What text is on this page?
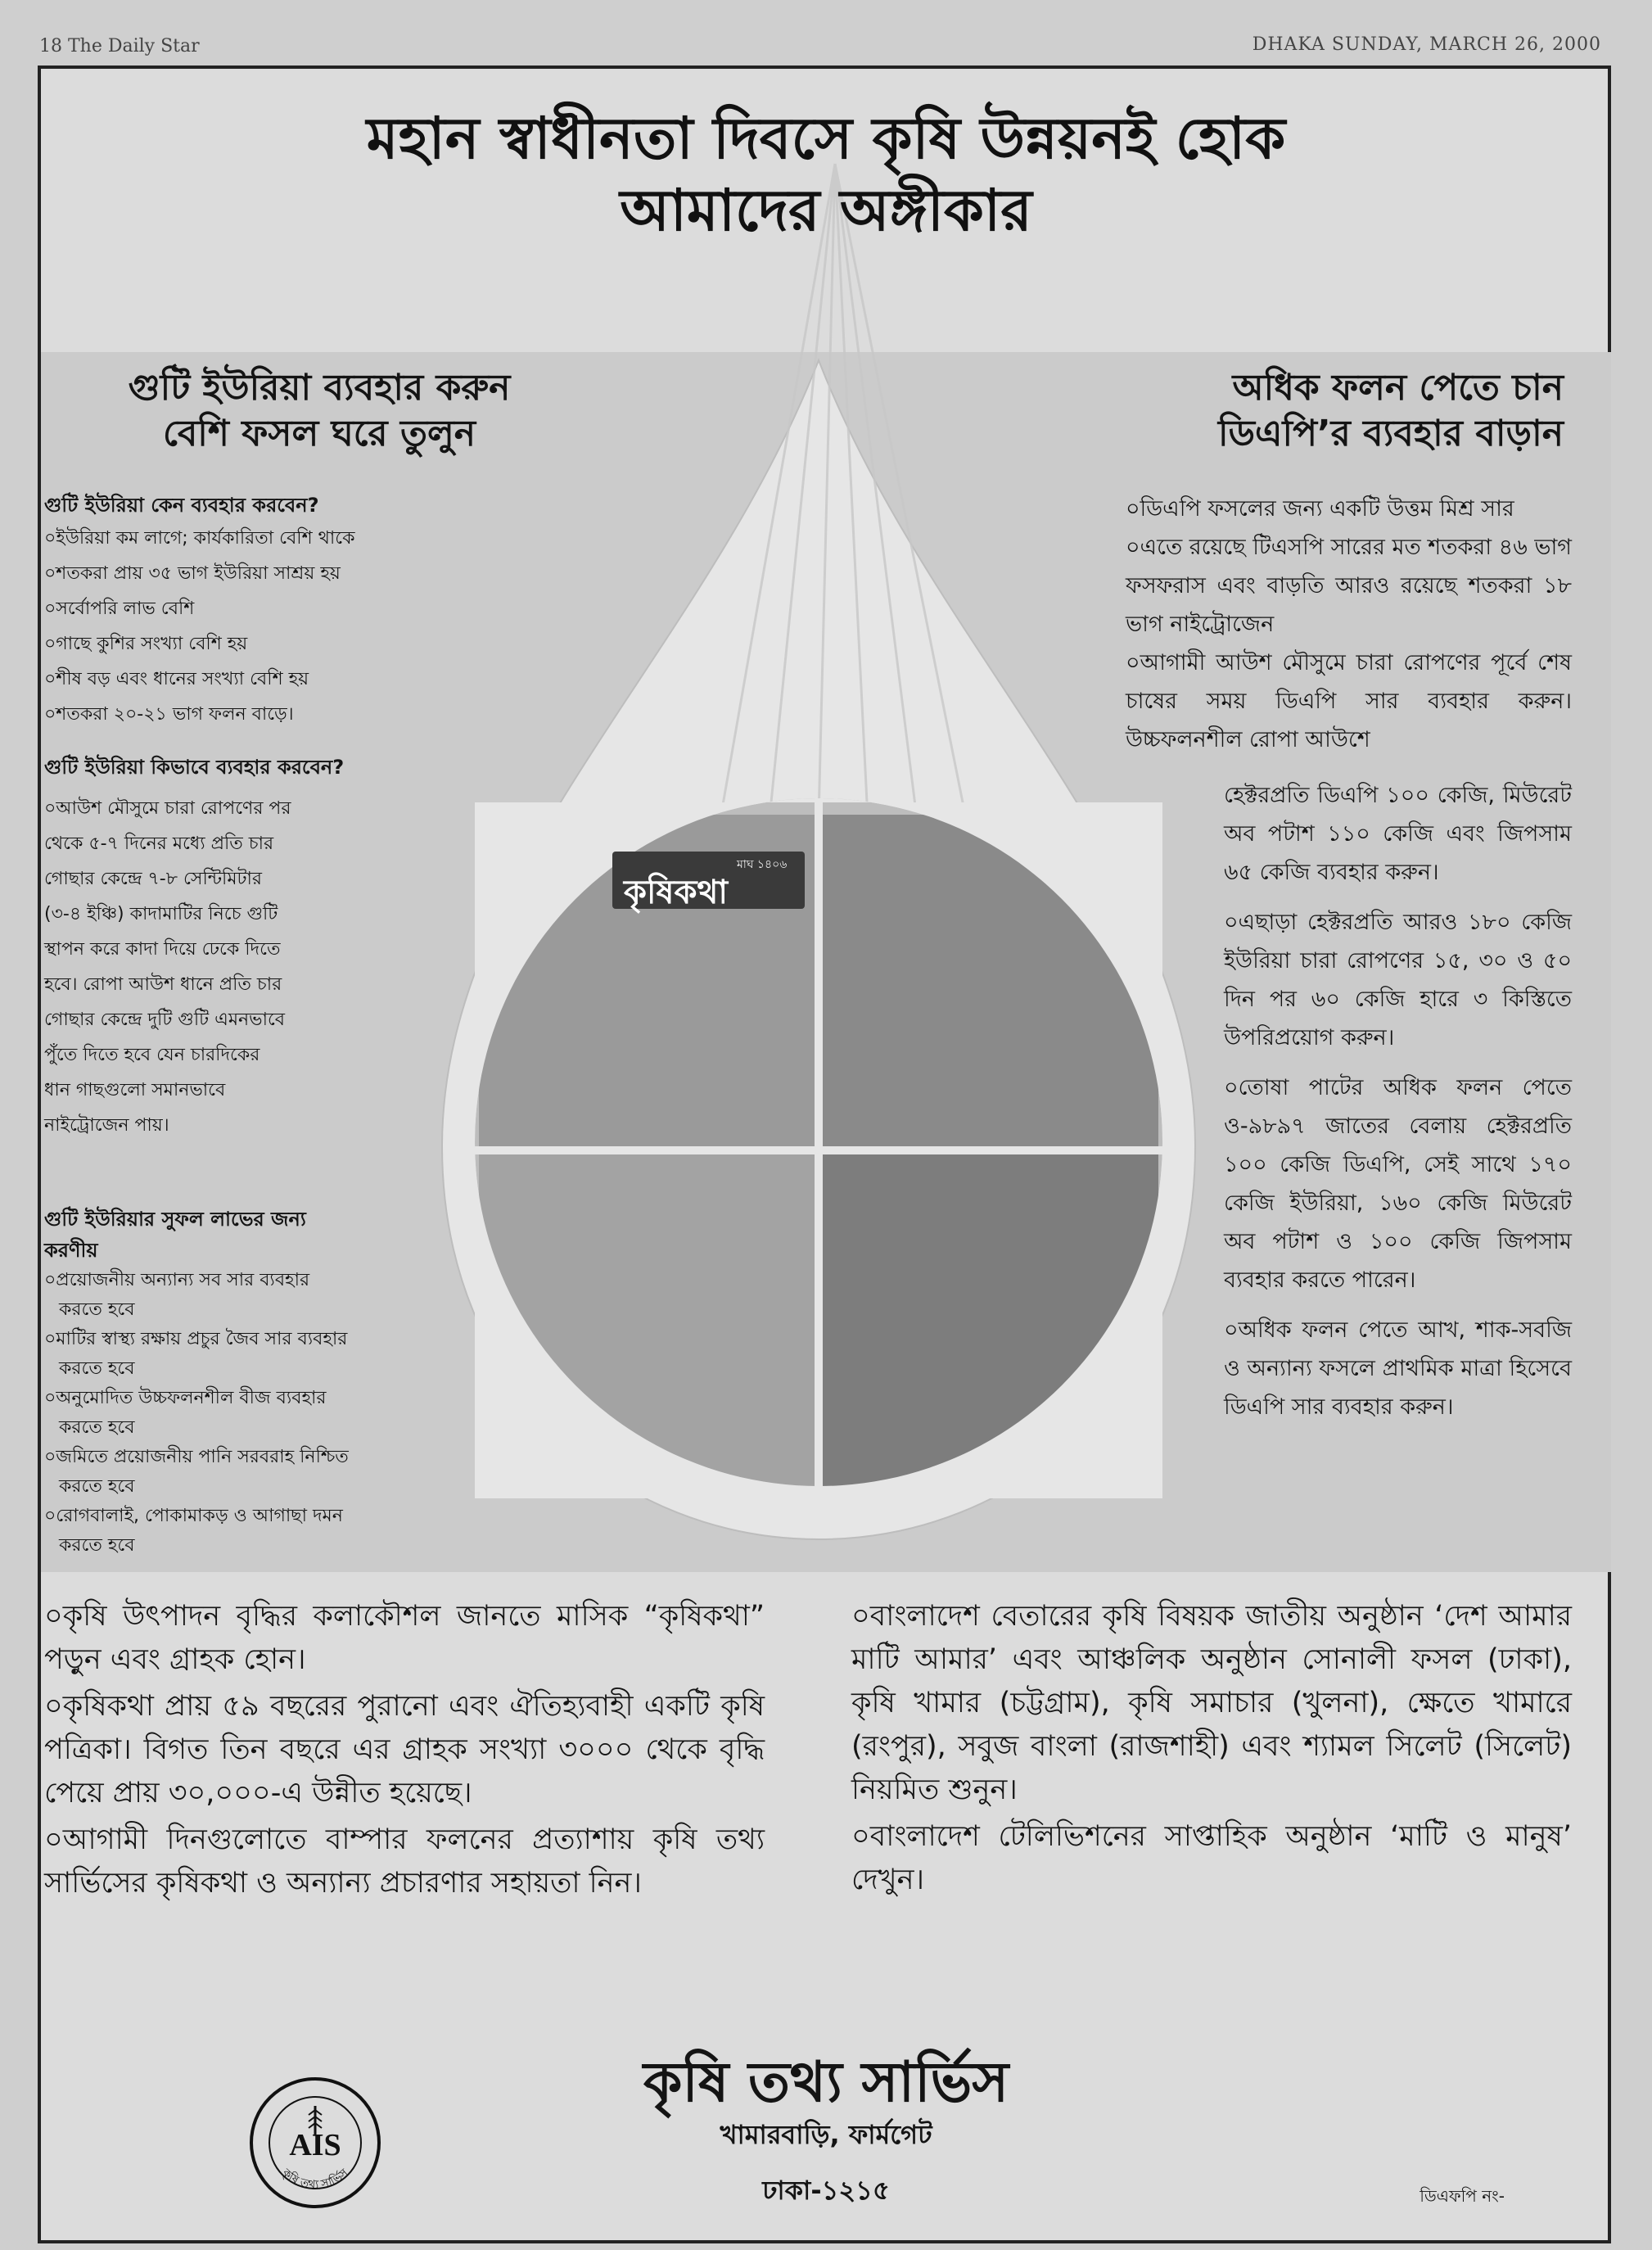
18 The Daily Star	DHAKA SUNDAY, MARCH 26, 2000
মহান স্বাধীনতা দিবসে কৃষি উন্নয়নই হোক
আমাদের অঙ্গীকার
গুটি ইউরিয়া ব্যবহার করুন
বেশি ফসল ঘরে তুলুন
অধিক ফলন পেতে চান
ডিএপি’র ব্যবহার বাড়ান

গুটি ইউরিয়া কেন ব্যবহার করবেন?

০ইউরিয়া কম লাগে; কার্যকারিতা বেশি থাকে
০শতকরা প্রায় ৩৫ ভাগ ইউরিয়া সাশ্রয় হয়
০সর্বোপরি লাভ বেশি
০গাছে কুশির সংখ্যা বেশি হয়
০শীষ বড় এবং ধানের সংখ্যা বেশি হয়
০শতকরা ২০-২১ ভাগ ফলন বাড়ে।

গুটি ইউরিয়া কিভাবে ব্যবহার করবেন?

০আউশ মৌসুমে চারা রোপণের পর
থেকে ৫-৭ দিনের মধ্যে প্রতি চার
গোছার কেন্দ্রে ৭-৮ সেন্টিমিটার
(৩-৪ ইঞ্চি) কাদামাটির নিচে গুটি
স্থাপন করে কাদা দিয়ে ঢেকে দিতে
হবে। রোপা আউশ ধানে প্রতি চার
গোছার কেন্দ্রে দুটি গুটি এমনভাবে
পুঁতে দিতে হবে যেন চারদিকের
ধান গাছগুলো সমানভাবে
নাইট্রোজেন পায়।

গুটি ইউরিয়ার সুফল লাভের জন্য করণীয়

০প্রয়োজনীয় অন্যান্য সব সার ব্যবহার
করতে হবে
০মাটির স্বাস্থ্য রক্ষায় প্রচুর জৈব সার ব্যবহার
করতে হবে
০অনুমোদিত উচ্চফলনশীল বীজ ব্যবহার
করতে হবে
০জমিতে প্রয়োজনীয় পানি সরবরাহ নিশ্চিত
করতে হবে
০রোগবালাই, পোকামাকড় ও আগাছা দমন
করতে হবে

০ডিএপি ফসলের জন্য একটি উত্তম মিশ্র সার

০এতে রয়েছে টিএসপি সারের মত শতকরা ৪৬ ভাগ ফসফরাস এবং বাড়তি আরও রয়েছে শতকরা ১৮ ভাগ নাইট্রোজেন

০আগামী আউশ মৌসুমে চারা রোপণের পূর্বে শেষ চাষের সময় ডিএপি সার ব্যবহার করুন। উচ্চফলনশীল রোপা আউশে

হেক্টরপ্রতি ডিএপি ১০০ কেজি, মিউরেট অব পটাশ ১১০ কেজি এবং জিপসাম ৬৫ কেজি ব্যবহার করুন।

০এছাড়া হেক্টরপ্রতি আরও ১৮০ কেজি ইউরিয়া চারা রোপণের ১৫, ৩০ ও ৫০ দিন পর ৬০ কেজি হারে ৩ কিস্তিতে উপরিপ্রয়োগ করুন।

০তোষা পাটের অধিক ফলন পেতে ও-৯৮৯৭ জাতের বেলায় হেক্টরপ্রতি ১০০ কেজি ডিএপি, সেই সাথে ১৭০ কেজি ইউরিয়া, ১৬০ কেজি মিউরেট অব পটাশ ও ১০০ কেজি জিপসাম ব্যবহার করতে পারেন।

০অধিক ফলন পেতে আখ, শাক-সবজি ও অন্যান্য ফসলে প্রাথমিক মাত্রা হিসেবে ডিএপি সার ব্যবহার করুন।

কৃষিকথা
মাঘ ১৪০৬

০কৃষি উৎপাদন বৃদ্ধির কলাকৌশল জানতে মাসিক “কৃষিকথা” পড়ুন এবং গ্রাহক হোন।

০কৃষিকথা প্রায় ৫৯ বছরের পুরানো এবং ঐতিহ্যবাহী একটি কৃষি পত্রিকা। বিগত তিন বছরে এর গ্রাহক সংখ্যা ৩০০০ থেকে বৃদ্ধি পেয়ে প্রায় ৩০,০০০-এ উন্নীত হয়েছে।

০আগামী দিনগুলোতে বাম্পার ফলনের প্রত্যাশায় কৃষি তথ্য সার্ভিসের কৃষিকথা ও অন্যান্য প্রচারণার সহায়তা নিন।

০বাংলাদেশ বেতারের কৃষি বিষয়ক জাতীয় অনুষ্ঠান ‘দেশ আমার মাটি আমার’ এবং আঞ্চলিক অনুষ্ঠান সোনালী ফসল (ঢাকা), কৃষি খামার (চট্টগ্রাম), কৃষি সমাচার (খুলনা), ক্ষেতে খামারে (রংপুর), সবুজ বাংলা (রাজশাহী) এবং শ্যামল সিলেট (সিলেট) নিয়মিত শুনুন।

০বাংলাদেশ টেলিভিশনের সাপ্তাহিক অনুষ্ঠান ‘মাটি ও মানুষ’ দেখুন।

কৃষি তথ্য সার্ভিস
খামারবাড়ি, ফার্মগেট
ঢাকা-১২১৫	ডিএফপি নং-
AIS
কৃষি তথ্য সার্ভিস
